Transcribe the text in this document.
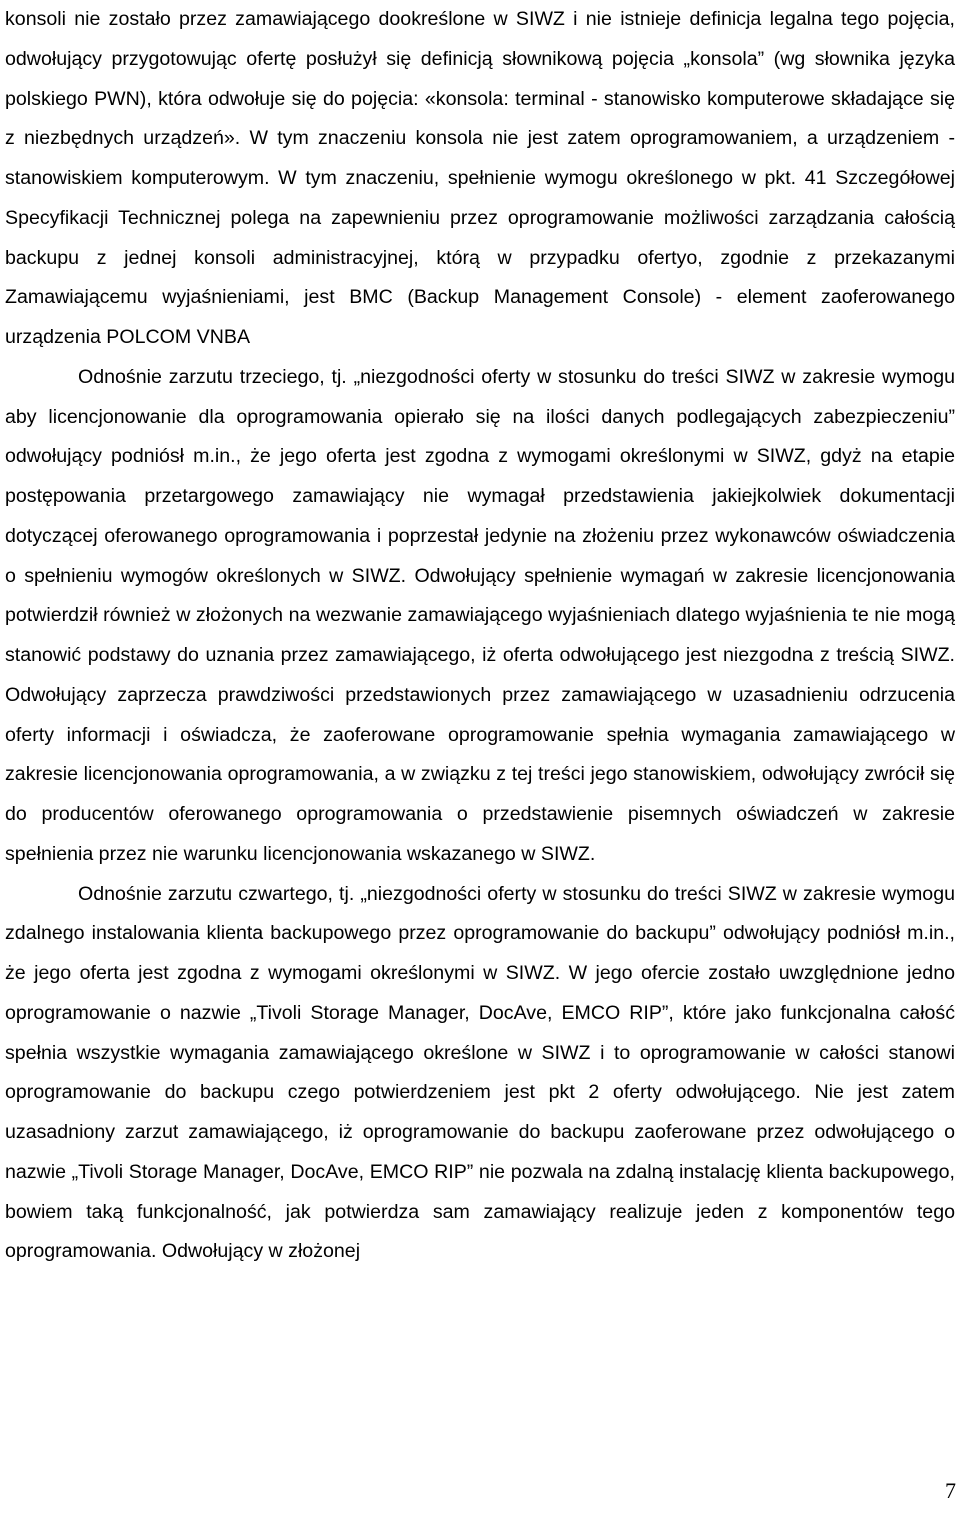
konsoli nie zostało przez zamawiającego dookreślone w SIWZ i nie istnieje definicja legalna tego pojęcia, odwołujący przygotowując ofertę posłużył się definicją słownikową pojęcia „konsola” (wg słownika języka polskiego PWN), która odwołuje się do pojęcia: «konsola: terminal - stanowisko komputerowe składające się z niezbędnych urządzeń». W tym znaczeniu konsola nie jest zatem oprogramowaniem, a urządzeniem - stanowiskiem komputerowym. W tym znaczeniu, spełnienie wymogu określonego w pkt. 41 Szczegółowej Specyfikacji Technicznej polega na zapewnieniu przez oprogramowanie możliwości zarządzania całością backupu z jednej konsoli administracyjnej, którą w przypadku ofertyo, zgodnie z przekazanymi Zamawiającemu wyjaśnieniami, jest BMC (Backup Management Console) - element zaoferowanego urządzenia POLCOM VNBA

Odnośnie zarzutu trzeciego, tj. „niezgodności oferty w stosunku do treści SIWZ w zakresie wymogu aby licencjonowanie dla oprogramowania opierało się na ilości danych podlegających zabezpieczeniu” odwołujący podniósł m.in., że jego oferta jest zgodna z wymogami określonymi w SIWZ, gdyż na etapie postępowania przetargowego zamawiający nie wymagał przedstawienia jakiejkolwiek dokumentacji dotyczącej oferowanego oprogramowania i poprzestał jedynie na złożeniu przez wykonawców oświadczenia o spełnieniu wymogów określonych w SIWZ. Odwołujący spełnienie wymagań w zakresie licencjonowania potwierdził również w złożonych na wezwanie zamawiającego wyjaśnieniach dlatego wyjaśnienia te nie mogą stanowić podstawy do uznania przez zamawiającego, iż oferta odwołującego jest niezgodna z treścią SIWZ. Odwołujący zaprzecza prawdziwości przedstawionych przez zamawiającego w uzasadnieniu odrzucenia oferty informacji i oświadcza, że zaoferowane oprogramowanie spełnia wymagania zamawiającego w zakresie licencjonowania oprogramowania, a w związku z tej treści jego stanowiskiem, odwołujący zwrócił się do producentów oferowanego oprogramowania o przedstawienie pisemnych oświadczeń w zakresie spełnienia przez nie warunku licencjonowania wskazanego w SIWZ.

Odnośnie zarzutu czwartego, tj. „niezgodności oferty w stosunku do treści SIWZ w zakresie wymogu zdalnego instalowania klienta backupowego przez oprogramowanie do backupu” odwołujący podniósł m.in., że jego oferta jest zgodna z wymogami określonymi w SIWZ. W jego ofercie zostało uwzględnione jedno oprogramowanie o nazwie „Tivoli Storage Manager, DocAve, EMCO RIP”, które jako funkcjonalna całość spełnia wszystkie wymagania zamawiającego określone w SIWZ i to oprogramowanie w całości stanowi oprogramowanie do backupu czego potwierdzeniem jest pkt 2 oferty odwołującego. Nie jest zatem uzasadniony zarzut zamawiającego, iż oprogramowanie do backupu zaoferowane przez odwołującego o nazwie „Tivoli Storage Manager, DocAve, EMCO RIP” nie pozwala na zdalną instalację klienta backupowego, bowiem taką funkcjonalność, jak potwierdza sam zamawiający realizuje jeden z komponentów tego oprogramowania. Odwołujący w złożonej

7
